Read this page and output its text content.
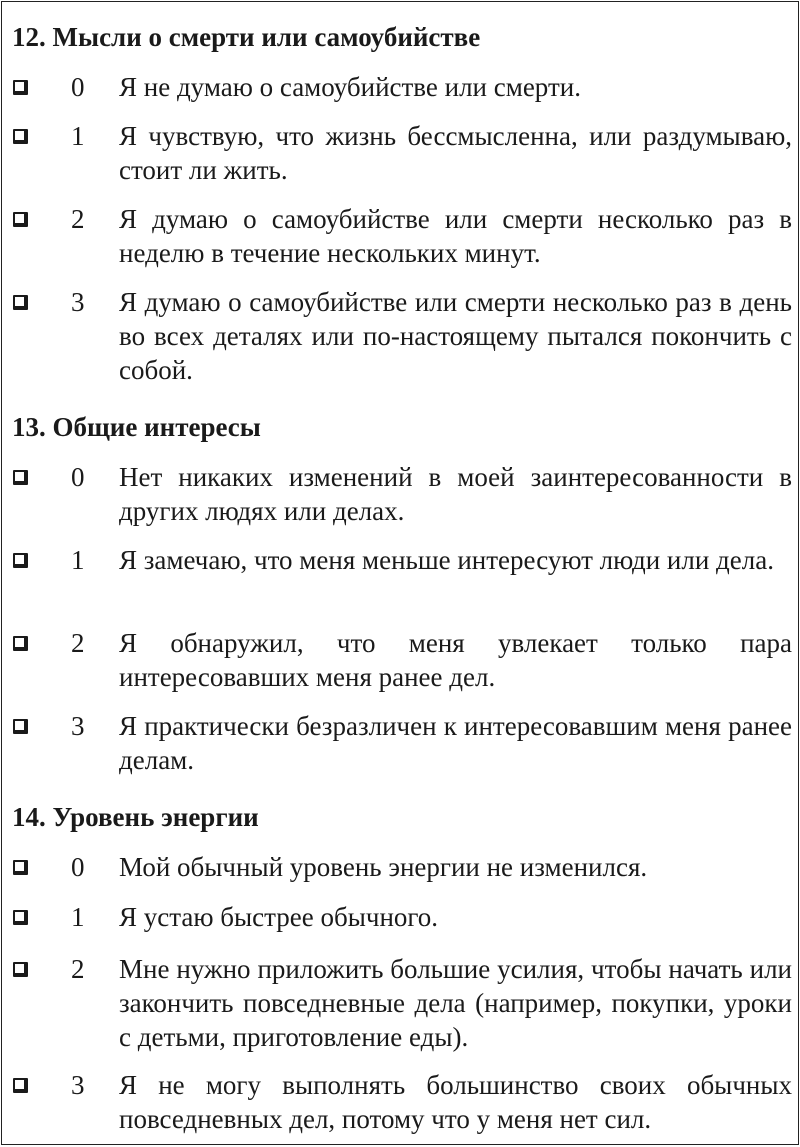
12. Мысли о смерти или самоубийстве
0 Я не думаю о самоубийстве или смерти.
1 Я чувствую, что жизнь бессмысленна, или раздумываю, стоит ли жить.
2 Я думаю о самоубийстве или смерти несколько раз в неделю в течение нескольких минут.
3 Я думаю о самоубийстве или смерти несколько раз в день во всех деталях или по-настоящему пытался покончить с собой.
13. Общие интересы
0 Нет никаких изменений в моей заинтересованности в других людях или делах.
1 Я замечаю, что меня меньше интересуют люди или дела.
2 Я обнаружил, что меня увлекает только пара интересовавших меня ранее дел.
3 Я практически безразличен к интересовавшим меня ранее делам.
14. Уровень энергии
0 Мой обычный уровень энергии не изменился.
1 Я устаю быстрее обычного.
2 Мне нужно приложить большие усилия, чтобы начать или закончить повседневные дела (например, покупки, уроки с детьми, приготовление еды).
3 Я не могу выполнять большинство своих обычных повседневных дел, потому что у меня нет сил.
